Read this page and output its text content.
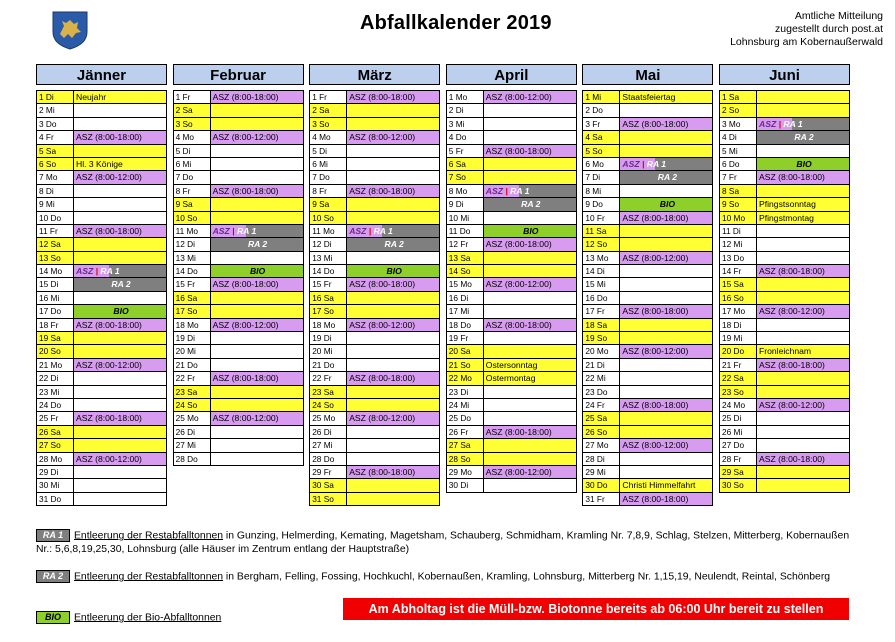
Abfallkalender 2019	Amtliche Mitteilung
zugestellt durch post.at
Lohnsburg am Kobernaußerwald
Jänner
1 Di	Neujahr
2 Mi
3 Do
4 Fr	ASZ (8:00-18:00)
5 Sa
6 So	Hl. 3 Könige
7 Mo	ASZ (8:00-12:00)
8 Di
9 Mi
10 Do
11 Fr	ASZ (8:00-18:00)
12 Sa
13 So
14 Mo	ASZ | RA 1
15 Di	RA 2
16 Mi
17 Do	BIO
18 Fr	ASZ (8:00-18:00)
19 Sa
20 So
21 Mo	ASZ (8:00-12:00)
22 Di
23 Mi
24 Do
25 Fr	ASZ (8:00-18:00)
26 Sa
27 So
28 Mo	ASZ (8:00-12:00)
29 Di
30 Mi
31 Do
Februar
1 Fr	ASZ (8:00-18:00)
2 Sa
3 So
4 Mo	ASZ (8:00-12:00)
5 Di
6 Mi
7 Do
8 Fr	ASZ (8:00-18:00)
9 Sa
10 So
11 Mo	ASZ | RA 1
12 Di	RA 2
13 Mi
14 Do	BIO
15 Fr	ASZ (8:00-18:00)
16 Sa
17 So
18 Mo	ASZ (8:00-12:00)
19 Di
20 Mi
21 Do
22 Fr	ASZ (8:00-18:00)
23 Sa
24 So
25 Mo	ASZ (8:00-12:00)
26 Di
27 Mi
28 Do
März
1 Fr	ASZ (8:00-18:00)
2 Sa
3 So
4 Mo	ASZ (8:00-12:00)
5 Di
6 Mi
7 Do
8 Fr	ASZ (8:00-18:00)
9 Sa
10 So
11 Mo	ASZ | RA 1
12 Di	RA 2
13 Mi
14 Do	BIO
15 Fr	ASZ (8:00-18:00)
16 Sa
17 So
18 Mo	ASZ (8:00-12:00)
19 Di
20 Mi
21 Do
22 Fr	ASZ (8:00-18:00)
23 Sa
24 So
25 Mo	ASZ (8:00-12:00)
26 Di
27 Mi
28 Do
29 Fr	ASZ (8:00-18:00)
30 Sa
31 So
April
1 Mo	ASZ (8:00-12:00)
2 Di
3 Mi
4 Do
5 Fr	ASZ (8:00-18:00)
6 Sa
7 So
8 Mo	ASZ | RA 1
9 Di	RA 2
10 Mi
11 Do	BIO
12 Fr	ASZ (8:00-18:00)
13 Sa
14 So
15 Mo	ASZ (8:00-12:00)
16 Di
17 Mi
18 Do	ASZ (8:00-18:00)
19 Fr
20 Sa
21 So	Ostersonntag
22 Mo	Ostermontag
23 Di
24 Mi
25 Do
26 Fr	ASZ (8:00-18:00)
27 Sa
28 So
29 Mo	ASZ (8:00-12:00)
30 Di
Mai
1 Mi	Staatsfeiertag
2 Do
3 Fr	ASZ (8:00-18:00)
4 Sa
5 So
6 Mo	ASZ | RA 1
7 Di	RA 2
8 Mi
9 Do	BIO
10 Fr	ASZ (8:00-18:00)
11 Sa
12 So
13 Mo	ASZ (8:00-12:00)
14 Di
15 Mi
16 Do
17 Fr	ASZ (8:00-18:00)
18 Sa
19 So
20 Mo	ASZ (8:00-12:00)
21 Di
22 Mi
23 Do
24 Fr	ASZ (8:00-18:00)
25 Sa
26 So
27 Mo	ASZ (8:00-12:00)
28 Di
29 Mi
30 Do	Christi Himmelfahrt
31 Fr	ASZ (8:00-18:00)
Juni
1 Sa
2 So
3 Mo	ASZ | RA 1
4 Di	RA 2
5 Mi
6 Do	BIO
7 Fr	ASZ (8:00-18:00)
8 Sa
9 So	Pfingstsonntag
10 Mo	Pfingstmontag
11 Di
12 Mi
13 Do
14 Fr	ASZ (8:00-18:00)
15 Sa
16 So
17 Mo	ASZ (8:00-12:00)
18 Di
19 Mi
20 Do	Fronleichnam
21 Fr	ASZ (8:00-18:00)
22 Sa
23 So
24 Mo	ASZ (8:00-12:00)
25 Di
26 Mi
27 Do
28 Fr	ASZ (8:00-18:00)
29 Sa
30 So
RA 1 Entleerung der Restabfalltonnen in Gunzing, Helmerding, Kemating, Magetsham, Schauberg, Schmidham, Kramling Nr. 7,8,9, Schlag, Stelzen, Mitterberg, Kobernaußen Nr.: 5,6,8,19,25,30, Lohnsburg (alle Häuser im Zentrum entlang der Hauptstraße)
RA 2 Entleerung der Restabfalltonnen in Bergham, Felling, Fossing, Hochkuchl, Kobernaußen, Kramling, Lohnsburg, Mitterberg Nr. 1,15,19, Neulendt, Reintal, Schönberg
BIO Entleerung der Bio-Abfalltonnen
Am Abholtag ist die Müll-bzw. Biotonne bereits ab 06:00 Uhr bereit zu stellen
